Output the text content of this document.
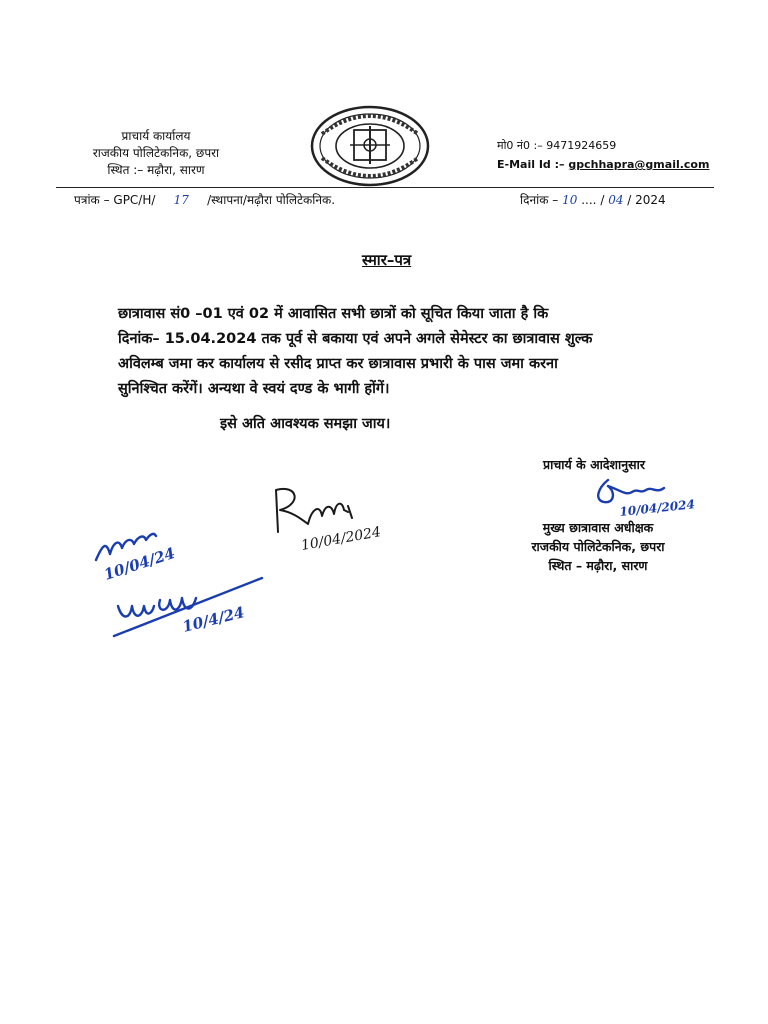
प्राचार्य कार्यालय
राजकीय पोलिटेकनिक, छपरा
स्थित :– मढ़ौरा, सारण
मो0 नं0 :– 9471924659
E-Mail Id :– gpchhapra@gmail.com
पत्रांक – GPC/H/ 17 /स्थापना/मढ़ौरा पोलिटेकनिक.	दिनांक – 10 .... / 04 / 2024
स्मार–पत्र
छात्रावास सं0 –01 एवं 02 में आवासित सभी छात्रों को सूचित किया जाता है कि
दिनांक– 15.04.2024 तक पूर्व से बकाया एवं अपने अगले सेमेस्टर का छात्रावास शुल्क
अविलम्ब जमा कर कार्यालय से रसीद प्राप्त कर छात्रावास प्रभारी के पास जमा करना
सुनिश्चित करेंगें। अन्यथा वे स्वयं दण्ड के भागी होंगें।
इसे अति आवश्यक समझा जाय।
प्राचार्य के आदेशानुसार
10/04/2024
मुख्य छात्रावास अधीक्षक
राजकीय पोलिटेकनिक, छपरा
स्थित – मढ़ौरा, सारण
10/04/2024
10/04/24
10/4/24
